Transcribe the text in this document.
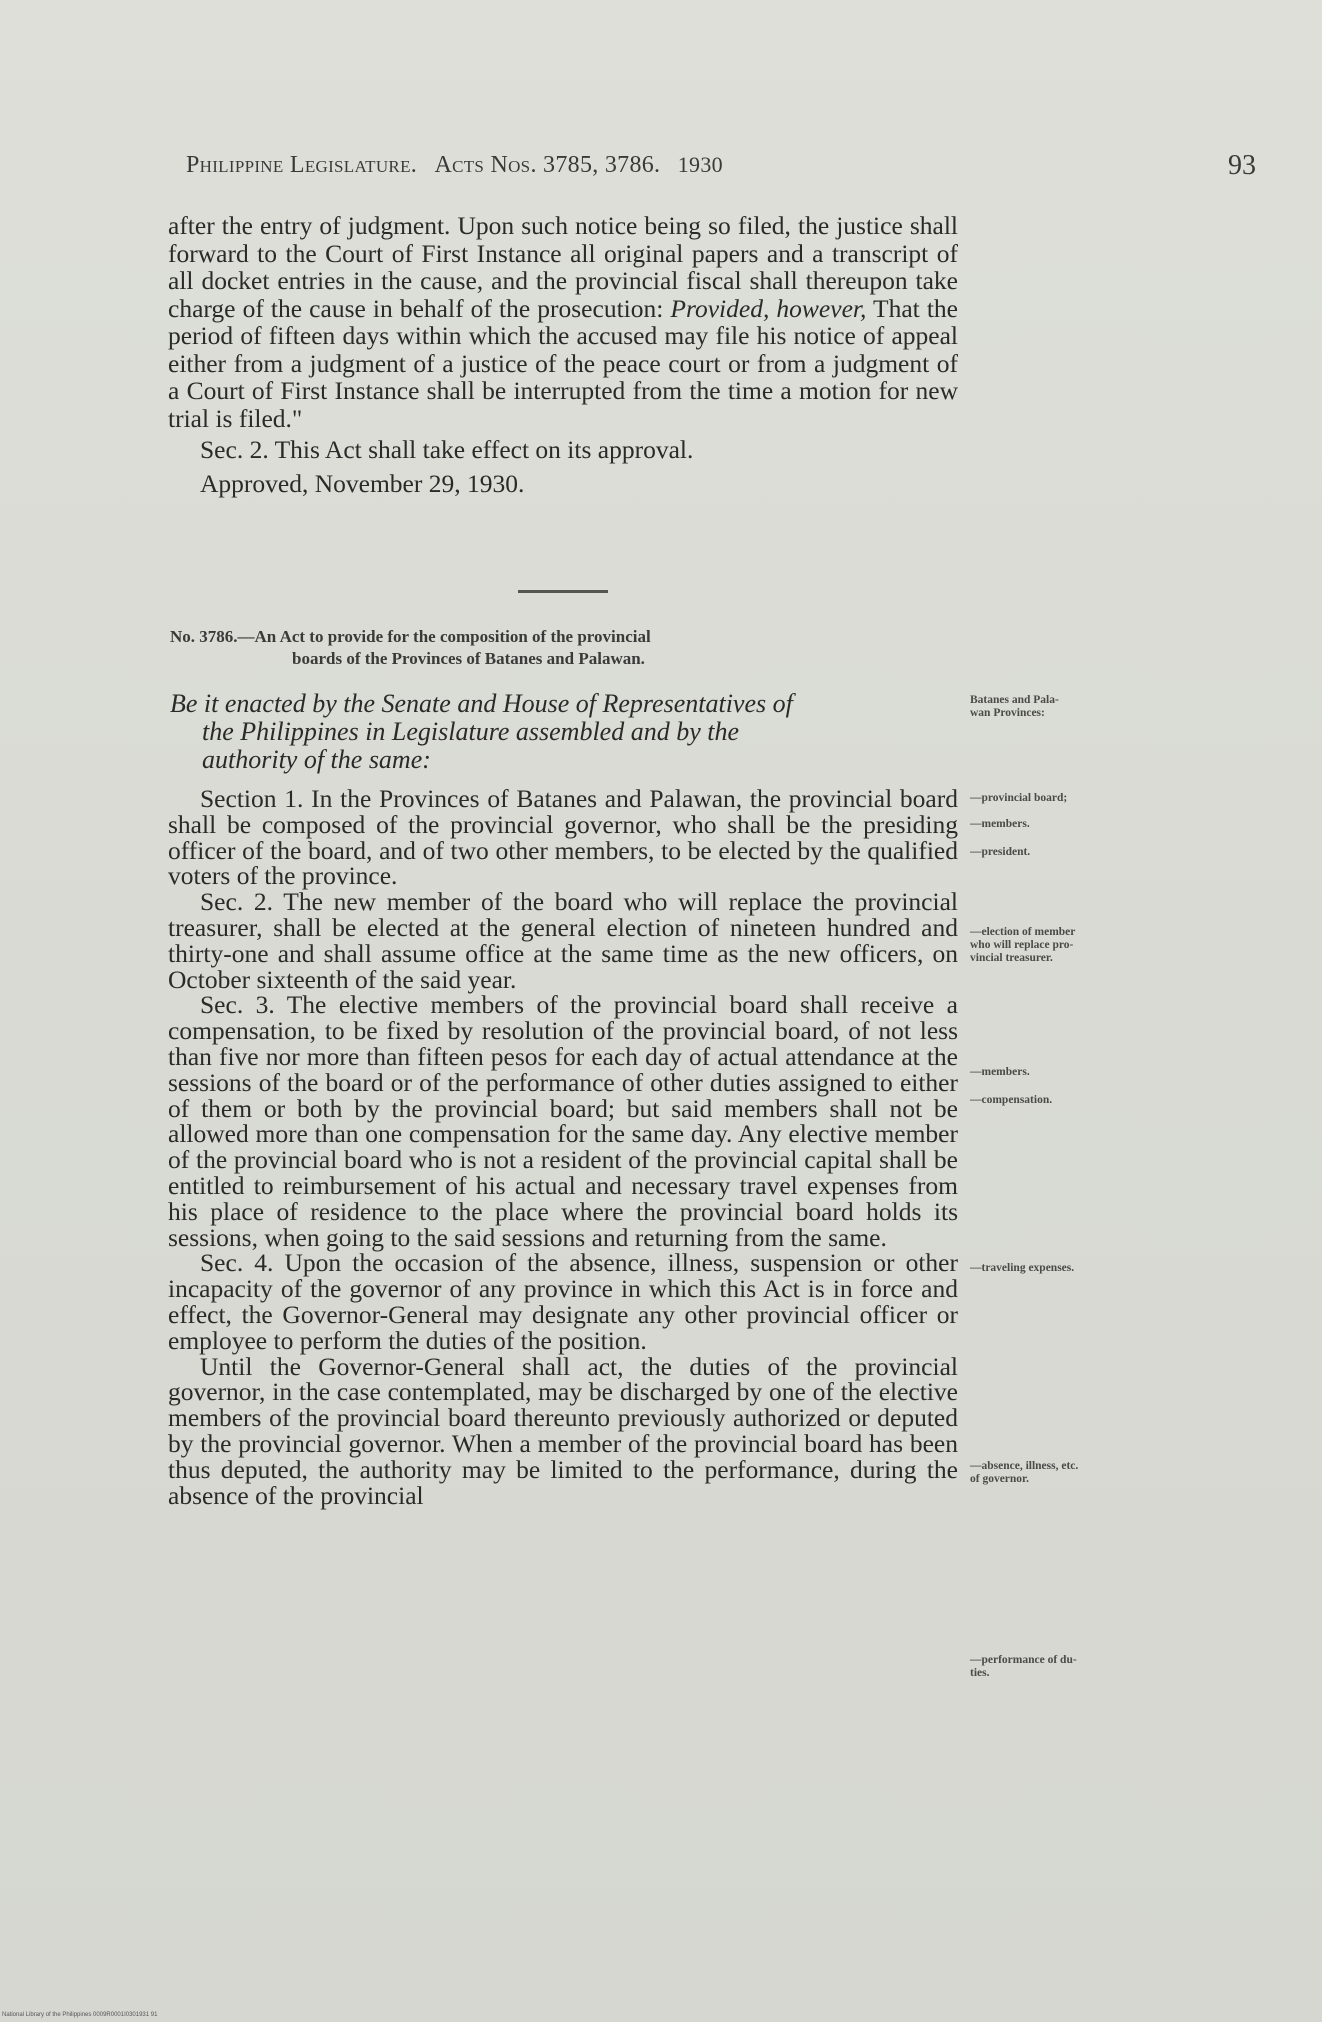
Philippine Legislature. Acts Nos. 3785, 3786. 1930	93

after the entry of judgment. Upon such notice being so filed, the justice shall forward to the Court of First Instance all original papers and a transcript of all docket entries in the cause, and the provincial fiscal shall thereupon take charge of the cause in behalf of the prosecution: Provided, however, That the period of fifteen days within which the accused may file his notice of appeal either from a judgment of a justice of the peace court or from a judgment of a Court of First Instance shall be interrupted from the time a motion for new trial is filed."

Sec. 2. This Act shall take effect on its approval.

Approved, November 29, 1930.

No. 3786.—An Act to provide for the composition of the provincial
boards of the Provinces of Batanes and Palawan.
Be it enacted by the Senate and House of Representatives of
the Philippines in Legislature assembled and by the
authority of the same:

Section 1. In the Provinces of Batanes and Palawan, the provincial board shall be composed of the provincial governor, who shall be the presiding officer of the board, and of two other members, to be elected by the qualified voters of the province.

Sec. 2. The new member of the board who will replace the provincial treasurer, shall be elected at the general election of nineteen hundred and thirty-one and shall assume office at the same time as the new officers, on October sixteenth of the said year.

Sec. 3. The elective members of the provincial board shall receive a compensation, to be fixed by resolution of the provincial board, of not less than five nor more than fifteen pesos for each day of actual attendance at the sessions of the board or of the performance of other duties assigned to either of them or both by the provincial board; but said members shall not be allowed more than one compensation for the same day. Any elective member of the provincial board who is not a resident of the provincial capital shall be entitled to reimbursement of his actual and necessary travel expenses from his place of residence to the place where the provincial board holds its sessions, when going to the said sessions and returning from the same.

Sec. 4. Upon the occasion of the absence, illness, suspension or other incapacity of the governor of any province in which this Act is in force and effect, the Governor-General may designate any other provincial officer or employee to perform the duties of the position.

Until the Governor-General shall act, the duties of the provincial governor, in the case contemplated, may be discharged by one of the elective members of the provincial board thereunto previously authorized or deputed by the provincial governor. When a member of the provincial board has been thus deputed, the authority may be limited to the performance, during the absence of the provincial

Batanes and Pala-
wan Provinces:
—provincial board;
—members.
—president.
—election of member
who will replace pro-
vincial treasurer.
—members.
—compensation.
—traveling expenses.
—absence, illness, etc.
of governor.
—performance of du-
ties.
National Library of the Philippines 0009R0001I0301931 91
